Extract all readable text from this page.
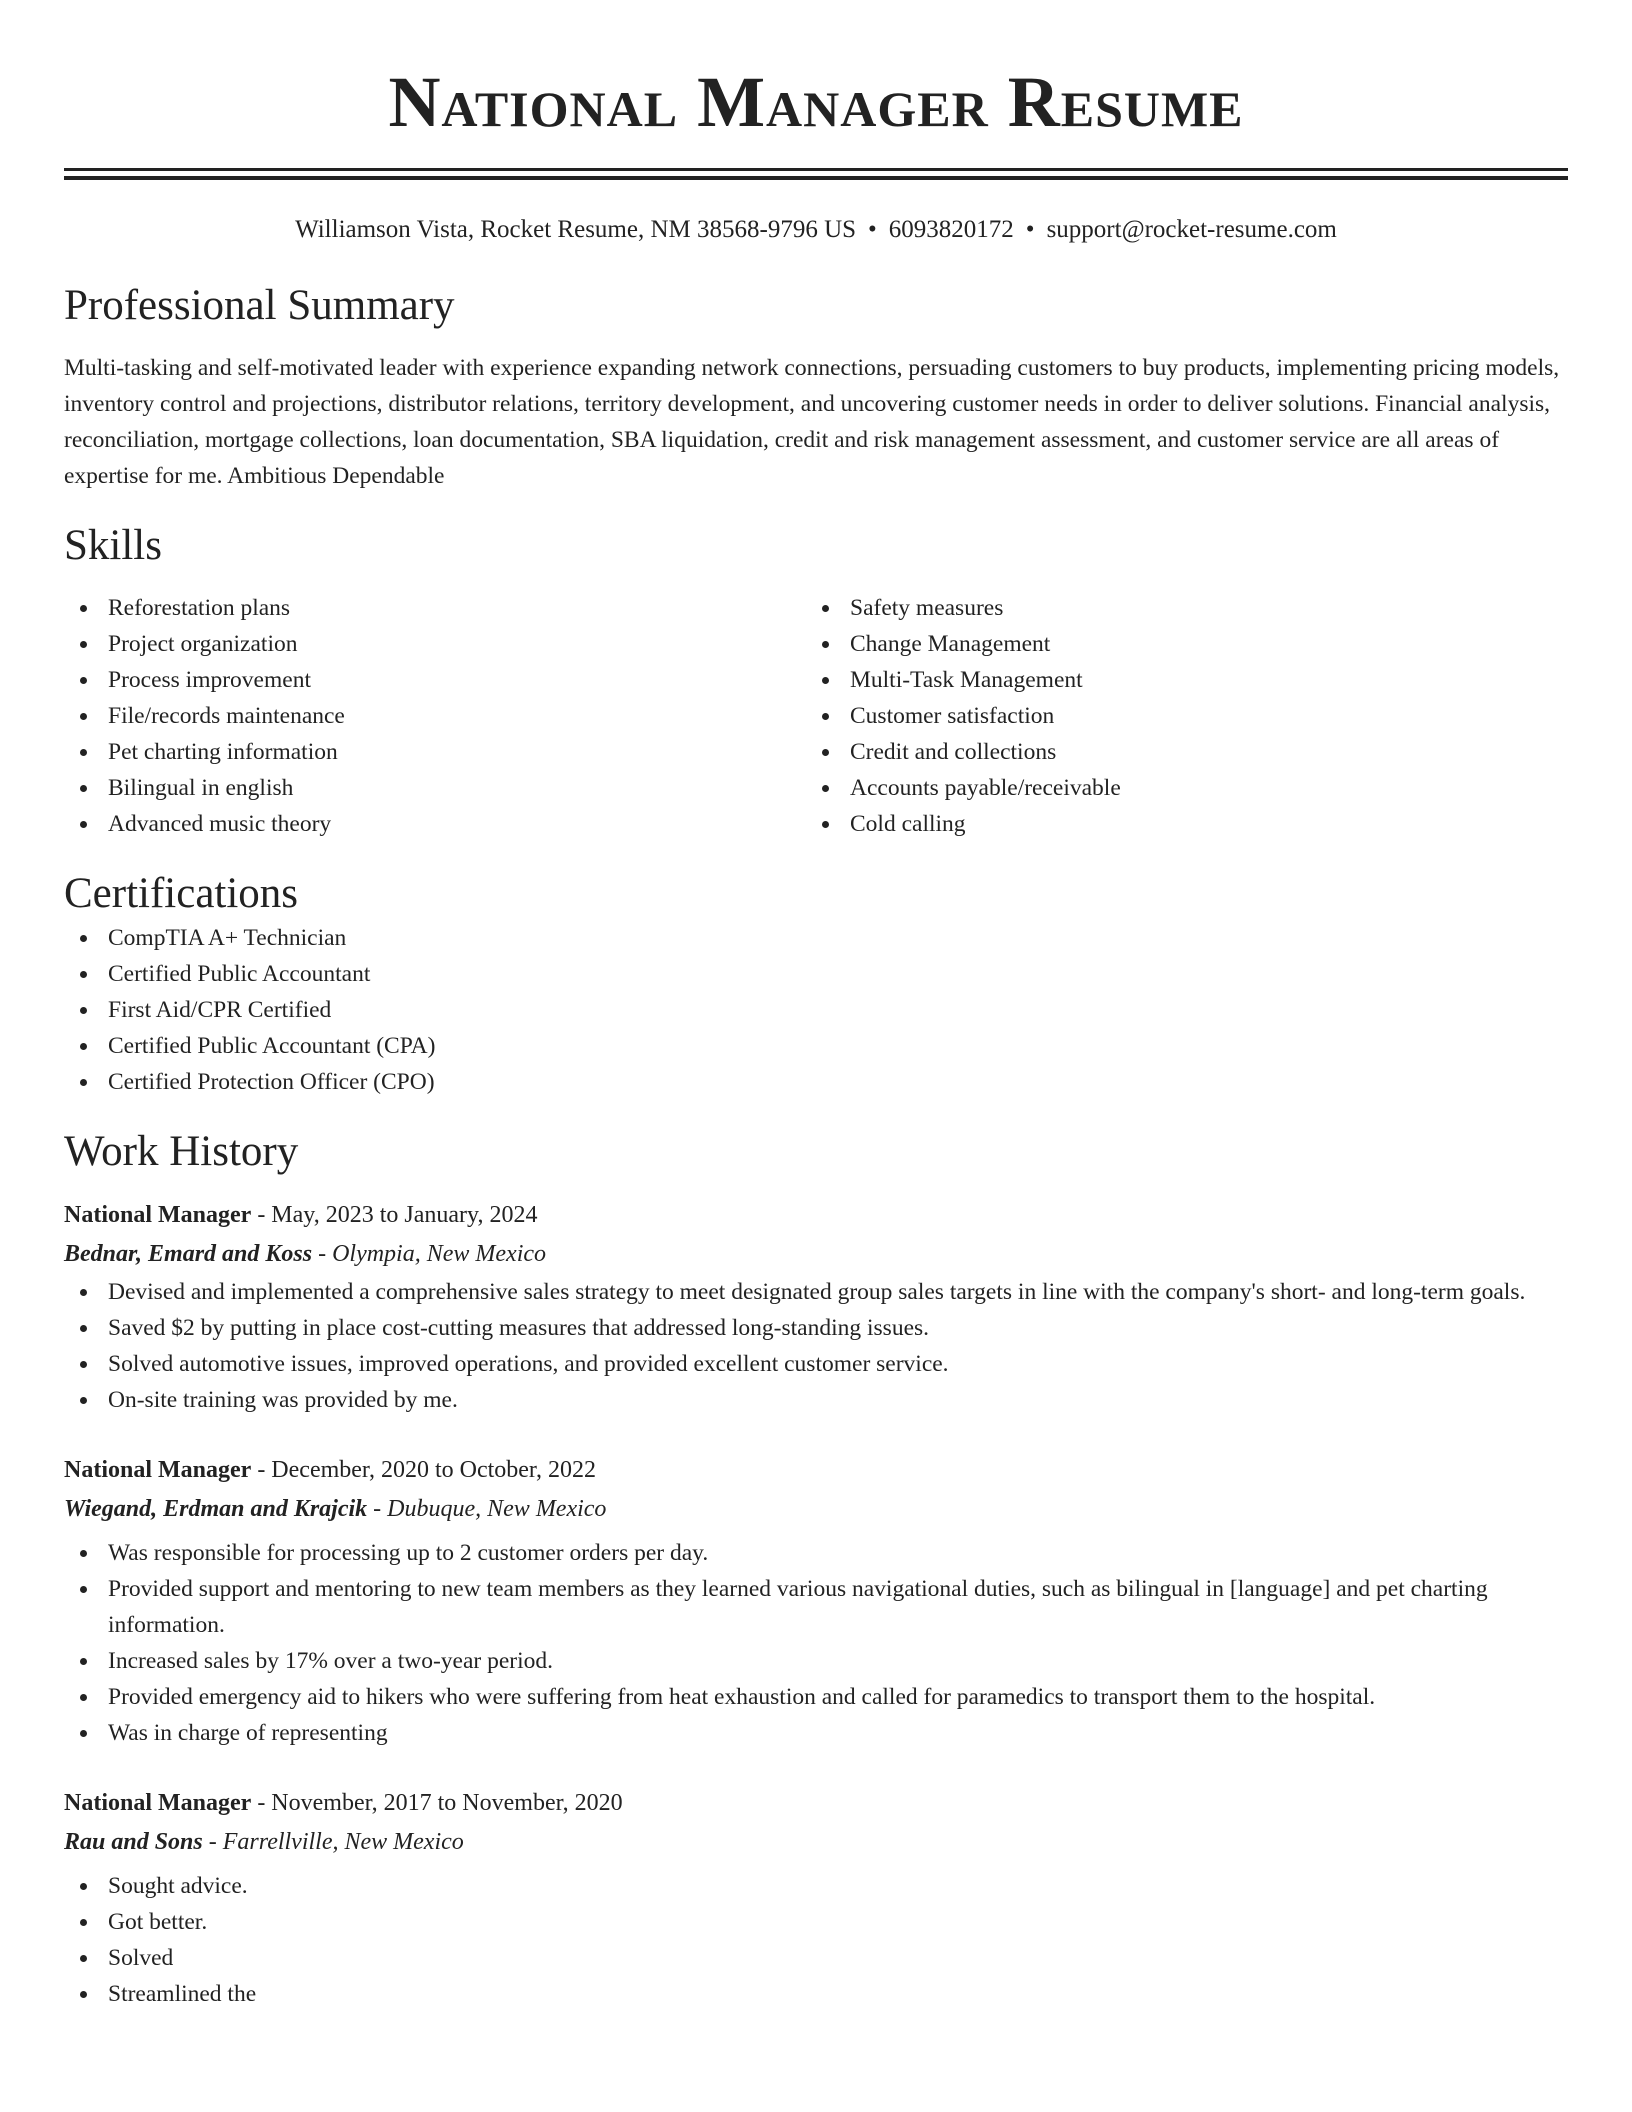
National Manager Resume
Williamson Vista, Rocket Resume, NM 38568-9796 US • 6093820172 • support@rocket-resume.com
Professional Summary
Multi-tasking and self-motivated leader with experience expanding network connections, persuading customers to buy products, implementing pricing models, inventory control and projections, distributor relations, territory development, and uncovering customer needs in order to deliver solutions. Financial analysis, reconciliation, mortgage collections, loan documentation, SBA liquidation, credit and risk management assessment, and customer service are all areas of expertise for me. Ambitious Dependable
Skills
Reforestation plans
Project organization
Process improvement
File/records maintenance
Pet charting information
Bilingual in english
Advanced music theory
Safety measures
Change Management
Multi-Task Management
Customer satisfaction
Credit and collections
Accounts payable/receivable
Cold calling
Certifications
CompTIA A+ Technician
Certified Public Accountant
First Aid/CPR Certified
Certified Public Accountant (CPA)
Certified Protection Officer (CPO)
Work History
National Manager - May, 2023 to January, 2024
Bednar, Emard and Koss - Olympia, New Mexico
Devised and implemented a comprehensive sales strategy to meet designated group sales targets in line with the company's short- and long-term goals.
Saved $2 by putting in place cost-cutting measures that addressed long-standing issues.
Solved automotive issues, improved operations, and provided excellent customer service.
On-site training was provided by me.
National Manager - December, 2020 to October, 2022
Wiegand, Erdman and Krajcik - Dubuque, New Mexico
Was responsible for processing up to 2 customer orders per day.
Provided support and mentoring to new team members as they learned various navigational duties, such as bilingual in [language] and pet charting information.
Increased sales by 17% over a two-year period.
Provided emergency aid to hikers who were suffering from heat exhaustion and called for paramedics to transport them to the hospital.
Was in charge of representing
National Manager - November, 2017 to November, 2020
Rau and Sons - Farrellville, New Mexico
Sought advice.
Got better.
Solved
Streamlined the
